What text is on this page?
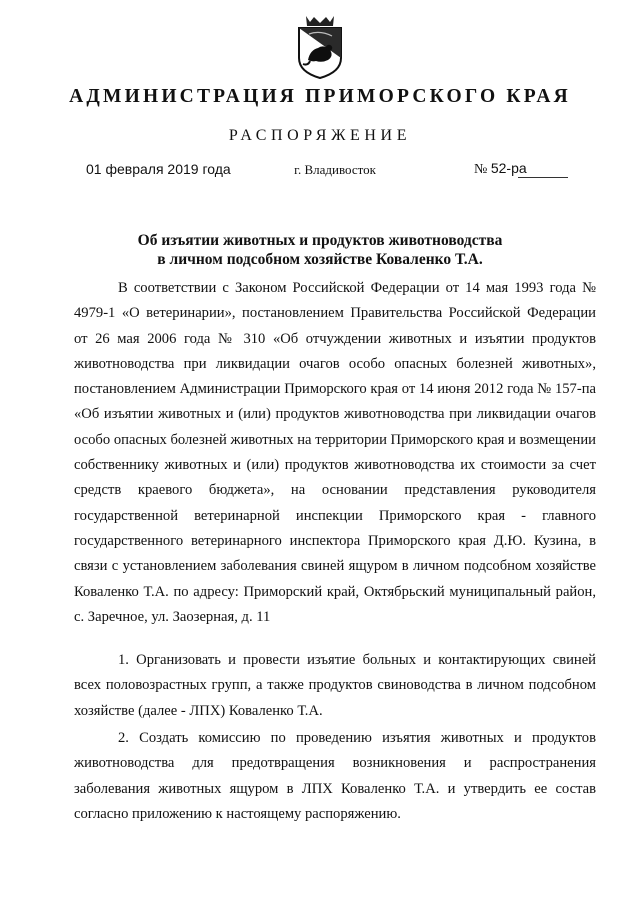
АДМИНИСТРАЦИЯ ПРИМОРСКОГО КРАЯ
РАСПОРЯЖЕНИЕ
01 февраля 2019 года	г. Владивосток	№ 52-ра
Об изъятии животных и продуктов животноводства
в личном подсобном хозяйстве Коваленко Т.А.
В соответствии с Законом Российской Федерации от 14 мая 1993 года № 4979-1 «О ветеринарии», постановлением Правительства Российской Федерации от 26 мая 2006 года № 310 «Об отчуждении животных и изъятии продуктов животноводства при ликвидации очагов особо опасных болезней животных», постановлением Администрации Приморского края от 14 июня 2012 года № 157-па «Об изъятии животных и (или) продуктов животноводства при ликвидации очагов особо опасных болезней животных на территории Приморского края и возмещении собственнику животных и (или) продуктов животноводства их стоимости за счет средств краевого бюджета», на основании представления руководителя государственной ветеринарной инспекции Приморского края - главного государственного ветеринарного инспектора Приморского края Д.Ю. Кузина, в связи с установлением заболевания свиней ящуром в личном подсобном хозяйстве Коваленко Т.А. по адресу: Приморский край, Октябрьский муниципальный район, с. Заречное, ул. Заозерная, д. 11
1. Организовать и провести изъятие больных и контактирующих свиней всех половозрастных групп, а также продуктов свиноводства в личном подсобном хозяйстве (далее - ЛПХ) Коваленко Т.А.
2. Создать комиссию по проведению изъятия животных и продуктов животноводства для предотвращения возникновения и распространения заболевания животных ящуром в ЛПХ Коваленко Т.А. и утвердить ее состав согласно приложению к настоящему распоряжению.
